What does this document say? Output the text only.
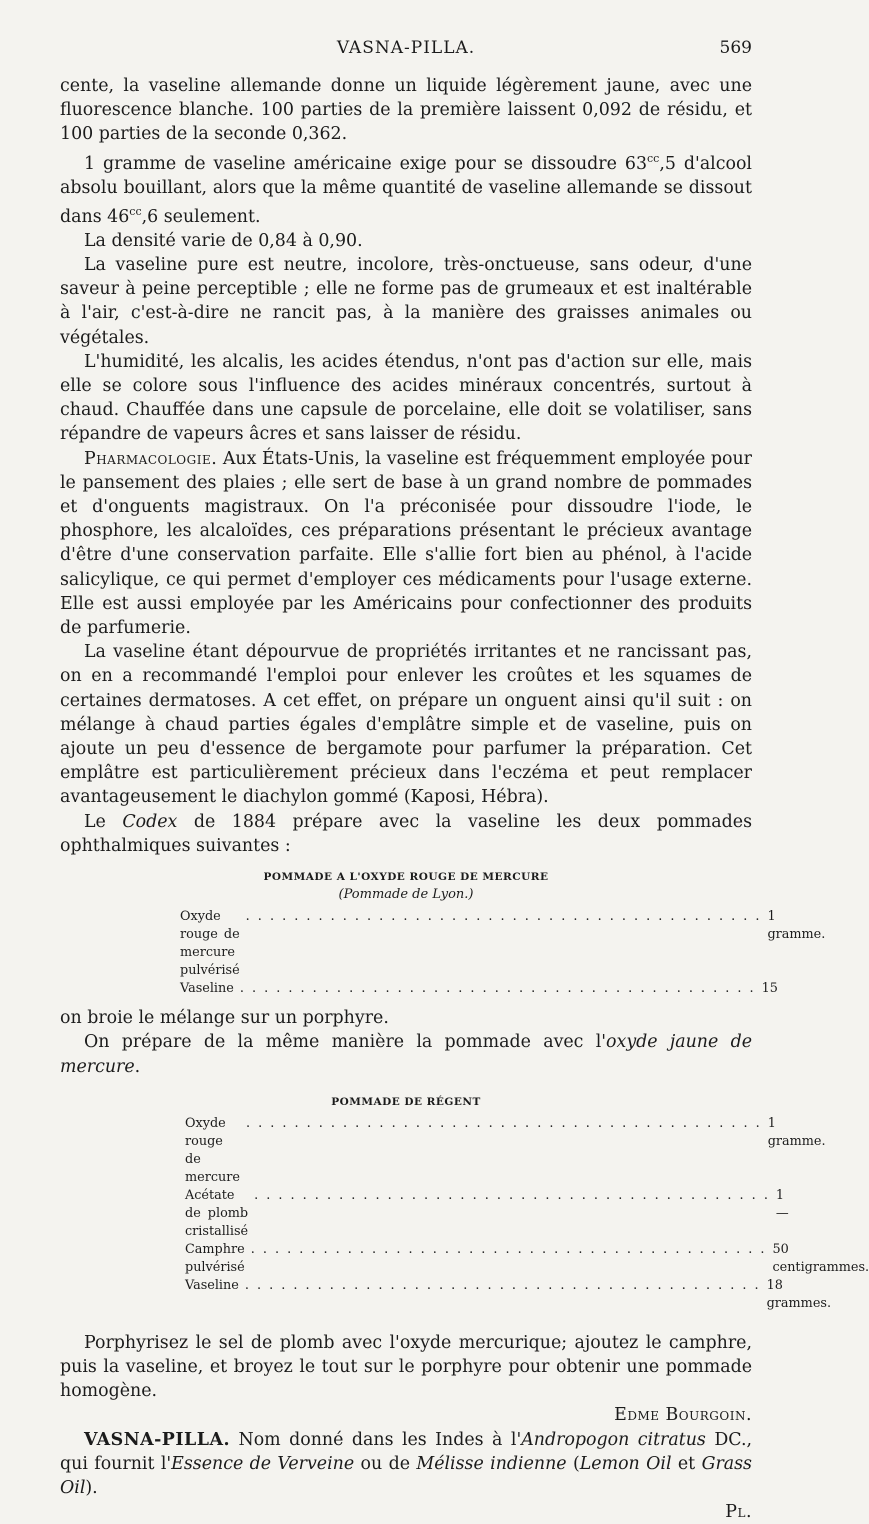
VASNA-PILLA.	569

cente, la vaseline allemande donne un liquide légèrement jaune, avec une fluorescence blanche. 100 parties de la première laissent 0,092 de résidu, et 100 parties de la seconde 0,362.

1 gramme de vaseline américaine exige pour se dissoudre $63^{cc},5$ d'alcool absolu bouillant, alors que la même quantité de vaseline allemande se dissout dans $46^{cc},6$ seulement.

La densité varie de 0,84 à 0,90.

La vaseline pure est neutre, incolore, très-onctueuse, sans odeur, d'une saveur à peine perceptible ; elle ne forme pas de grumeaux et est inaltérable à l'air, c'est-à-dire ne rancit pas, à la manière des graisses animales ou végétales.

L'humidité, les alcalis, les acides étendus, n'ont pas d'action sur elle, mais elle se colore sous l'influence des acides minéraux concentrés, surtout à chaud. Chauffée dans une capsule de porcelaine, elle doit se volatiliser, sans répandre de vapeurs âcres et sans laisser de résidu.

Pharmacologie. Aux États-Unis, la vaseline est fréquemment employée pour le pansement des plaies ; elle sert de base à un grand nombre de pommades et d'onguents magistraux. On l'a préconisée pour dissoudre l'iode, le phosphore, les alcaloïdes, ces préparations présentant le précieux avantage d'être d'une conservation parfaite. Elle s'allie fort bien au phénol, à l'acide salicylique, ce qui permet d'employer ces médicaments pour l'usage externe. Elle est aussi employée par les Américains pour confectionner des produits de parfumerie.

La vaseline étant dépourvue de propriétés irritantes et ne rancissant pas, on en a recommandé l'emploi pour enlever les croûtes et les squames de certaines dermatoses. A cet effet, on prépare un onguent ainsi qu'il suit : on mélange à chaud parties égales d'emplâtre simple et de vaseline, puis on ajoute un peu d'essence de bergamote pour parfumer la préparation. Cet emplâtre est particulièrement précieux dans l'eczéma et peut remplacer avantageusement le diachylon gommé (Kaposi, Hébra).

Le Codex de 1884 prépare avec la vaseline les deux pommades ophthalmiques suivantes :

POMMADE A L'OXYDE ROUGE DE MERCURE
(Pommade de Lyon.)
Oxyde rouge de mercure pulvérisé
. . . . . . . . . . . . . . . . . . . . . . . . . . . . . . . . . . . . . . . . . . . 1 gramme.
Vaseline . . . . . . . . . . . . . . . . . . . . . . . . . . . . . . . . . . . . . . . . . . . 15

on broie le mélange sur un porphyre.

On prépare de la même manière la pommade avec l'oxyde jaune de mercure.

POMMADE DE RÉGENT
Oxyde rouge de mercure
. . . . . . . . . . . . . . . . . . . . . . . . . . . . . . . . . . . . . . . . . . . 1 gramme.
Acétate de plomb cristallisé
. . . . . . . . . . . . . . . . . . . . . . . . . . . . . . . . . . . . . . . . . . . 1 —
Camphre pulvérisé
. . . . . . . . . . . . . . . . . . . . . . . . . . . . . . . . . . . . . . . . . . . 50 centigrammes.
Vaseline . . . . . . . . . . . . . . . . . . . . . . . . . . . . . . . . . . . . . . . . . . . 18 grammes.

Porphyrisez le sel de plomb avec l'oxyde mercurique; ajoutez le camphre, puis la vaseline, et broyez le tout sur le porphyre pour obtenir une pommade homogène.

Edme Bourgoin.

VASNA-PILLA. Nom donné dans les Indes à l'Andropogon citratus DC., qui fournit l'Essence de Verveine ou de Mélisse indienne (Lemon Oil et Grass Oil).

Pl.
